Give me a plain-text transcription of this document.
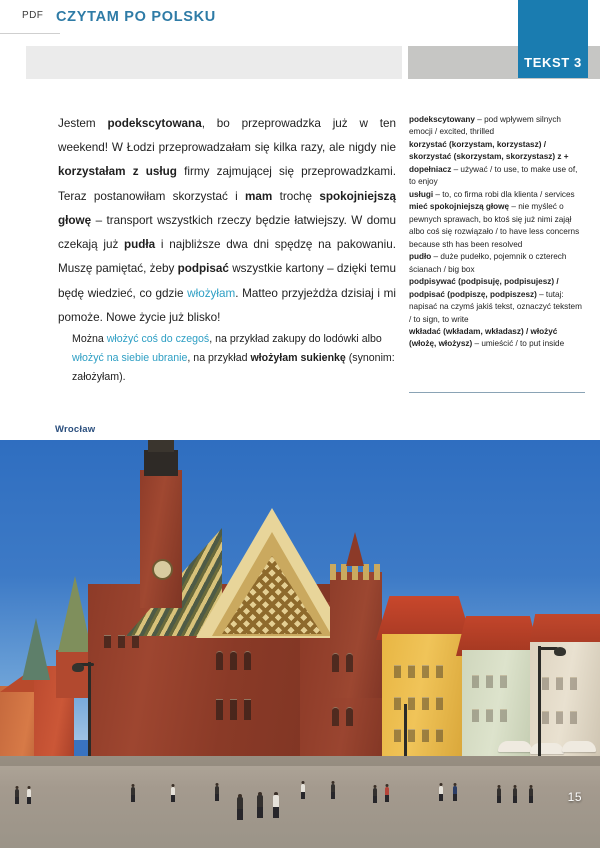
PDF CZYTAM PO POLSKU
TEKST 3
Jestem podekscytowana, bo przeprowadzka już w ten weekend! W Łodzi przeprowadzałam się kilka razy, ale nigdy nie korzystałam z usług firmy zajmującej się przeprowadzkami. Teraz postanowiłam skorzystać i mam trochę spokojniejszą głowę – transport wszystkich rzeczy będzie łatwiejszy. W domu czekają już pudła i najbliższe dwa dni spędzę na pakowaniu. Muszę pamiętać, żeby podpisać wszystkie kartony – dzięki temu będę wiedzieć, co gdzie włożyłam. Matteo przyjeżdża dzisiaj i mi pomoże. Nowe życie już blisko!
Można włożyć coś do czegoś, na przykład zakupy do lodówki albo włożyć na siebie ubranie, na przykład włożyłam sukienkę (synonim: założyłam).

podekscytowany – pod wpływem silnych emocji / excited, thrilled

korzystać (korzystam, korzystasz) / skorzystać (skorzystam, skorzystasz) z + dopełniacz – używać / to use, to make use of, to enjoy

usługi – to, co firma robi dla klienta / services

mieć spokojniejszą głowę – nie myśleć o pewnych sprawach, bo ktoś się już nimi zajął albo coś się rozwiązało / to have less concerns because sth has been resolved

pudło – duże pudełko, pojemnik o czterech ścianach / big box

podpisywać (podpisuję, podpisujesz) / podpisać (podpiszę, podpiszesz) – tutaj: napisać na czymś jakiś tekst, oznaczyć tekstem / to sign, to write

wkładać (wkładam, wkładasz) / włożyć (włożę, włożysz) – umieścić / to put inside

Wrocław
15
